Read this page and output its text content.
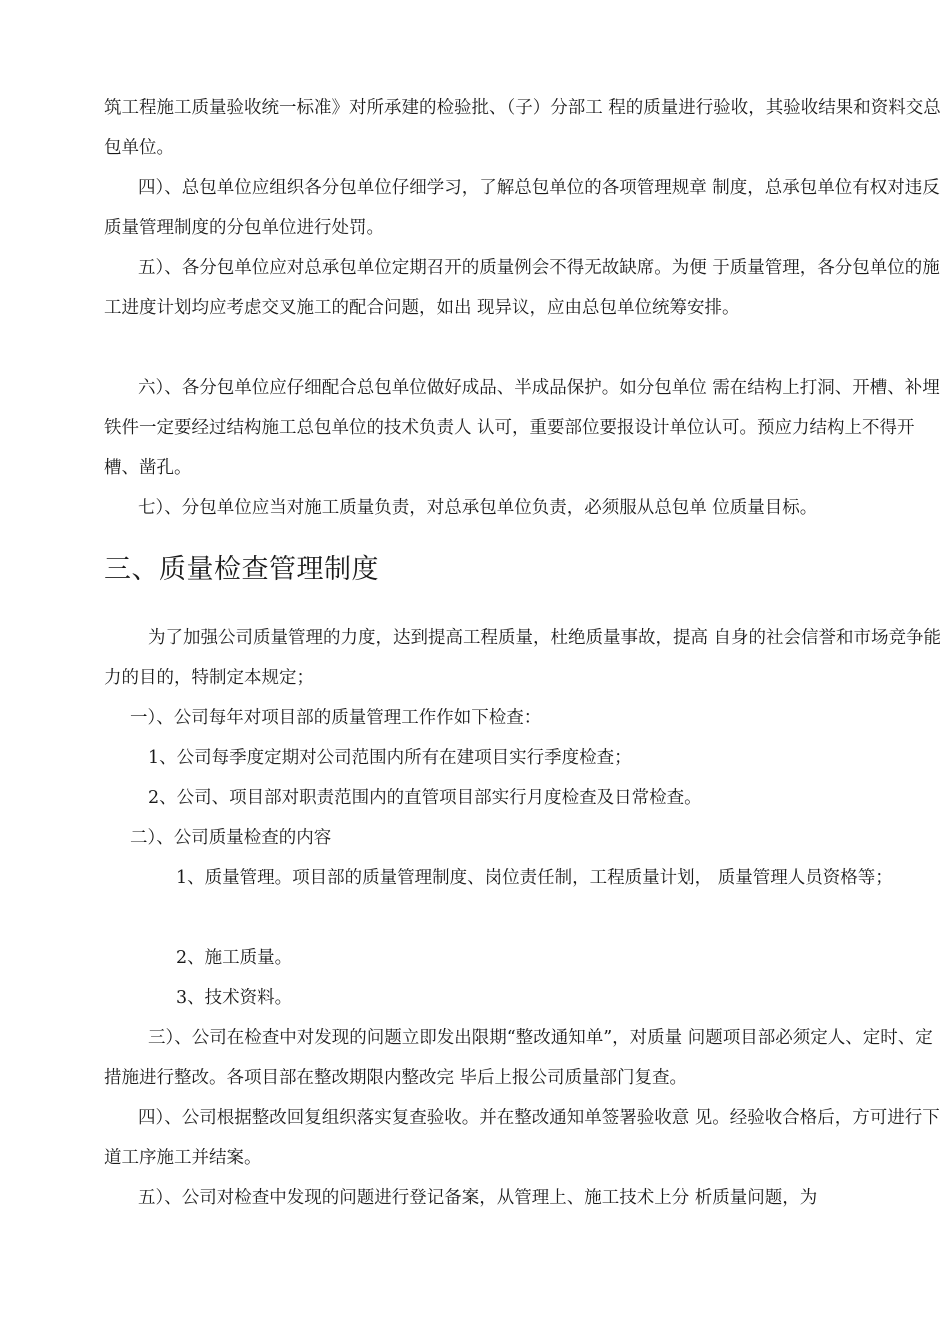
筑工程施工质量验收统一标准》对所承建的检验批、（子）分部工 程的质量进行验收，其验收结果和资料交总包单位。

四）、总包单位应组织各分包单位仔细学习，了解总包单位的各项管理规章 制度，总承包单位有权对违反质量管理制度的分包单位进行处罚。

五）、各分包单位应对总承包单位定期召开的质量例会不得无故缺席。为便 于质量管理，各分包单位的施工进度计划均应考虑交叉施工的配合问题，如出 现异议，应由总包单位统筹安排。

六）、各分包单位应仔细配合总包单位做好成品、半成品保护。如分包单位 需在结构上打洞、开槽、补埋铁件一定要经过结构施工总包单位的技术负责人 认可，重要部位要报设计单位认可。预应力结构上不得开槽、凿孔。

七）、分包单位应当对施工质量负责，对总承包单位负责，必须服从总包单 位质量目标。

三、质量检查管理制度

为了加强公司质量管理的力度，达到提高工程质量，杜绝质量事故，提高 自身的社会信誉和市场竞争能力的目的，特制定本规定；

一）、公司每年对项目部的质量管理工作作如下检查：

1、公司每季度定期对公司范围内所有在建项目实行季度检查；

2、公司、项目部对职责范围内的直管项目部实行月度检查及日常检查。

二）、公司质量检查的内容

1、质量管理。项目部的质量管理制度、岗位责任制，工程质量计划， 质量管理人员资格等；

2、施工质量。

3、技术资料。

三）、公司在检查中对发现的问题立即发出限期“整改通知单”，对质量 问题项目部必须定人、定时、定措施进行整改。各项目部在整改期限内整改完 毕后上报公司质量部门复查。

四）、公司根据整改回复组织落实复查验收。并在整改通知单签署验收意 见。经验收合格后，方可进行下道工序施工并结案。

五）、公司对检查中发现的问题进行登记备案，从管理上、施工技术上分 析质量问题，为
